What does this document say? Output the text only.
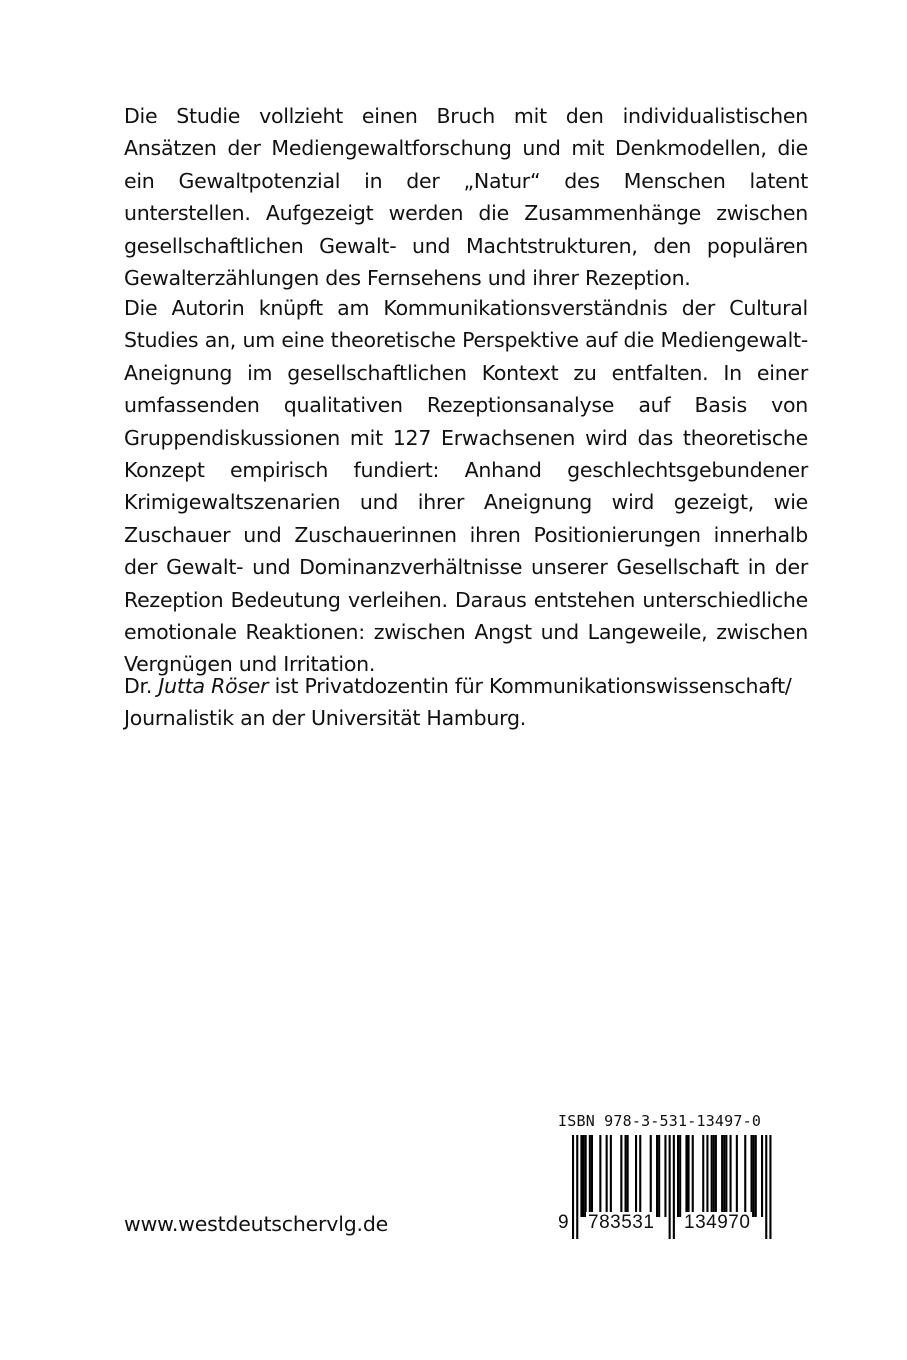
Die Studie vollzieht einen Bruch mit den individualistischen Ansätzen der Mediengewaltforschung und mit Denkmodellen, die ein Gewaltpotenzial in der „Natur“ des Menschen latent unterstellen. Aufgezeigt werden die Zusammenhänge zwischen gesellschaftlichen Gewalt- und Machtstrukturen, den populären Gewalterzählungen des Fernsehens und ihrer Rezeption.
Die Autorin knüpft am Kommunikationsverständnis der Cultural Studies an, um eine theoretische Perspektive auf die Mediengewalt-Aneignung im gesellschaftlichen Kontext zu entfalten. In einer umfassenden qualitativen Rezeptionsanalyse auf Basis von Gruppendiskussionen mit 127 Erwachsenen wird das theoretische Konzept empirisch fundiert: Anhand geschlechtsgebundener Krimigewaltszenarien und ihrer Aneignung wird gezeigt, wie Zuschauer und Zuschauerinnen ihren Positionierungen innerhalb der Gewalt- und Dominanzverhältnisse unserer Gesellschaft in der Rezeption Bedeutung verleihen. Daraus entstehen unterschiedliche emotionale Reaktionen: zwischen Angst und Langeweile, zwischen Vergnügen und Irritation.
Dr. Jutta Röser ist Privatdozentin für Kommunikationswissenschaft/ Journalistik an der Universität Hamburg.
www.westdeutschervlg.de
ISBN 978-3-531-13497-0
9 783531 134970
